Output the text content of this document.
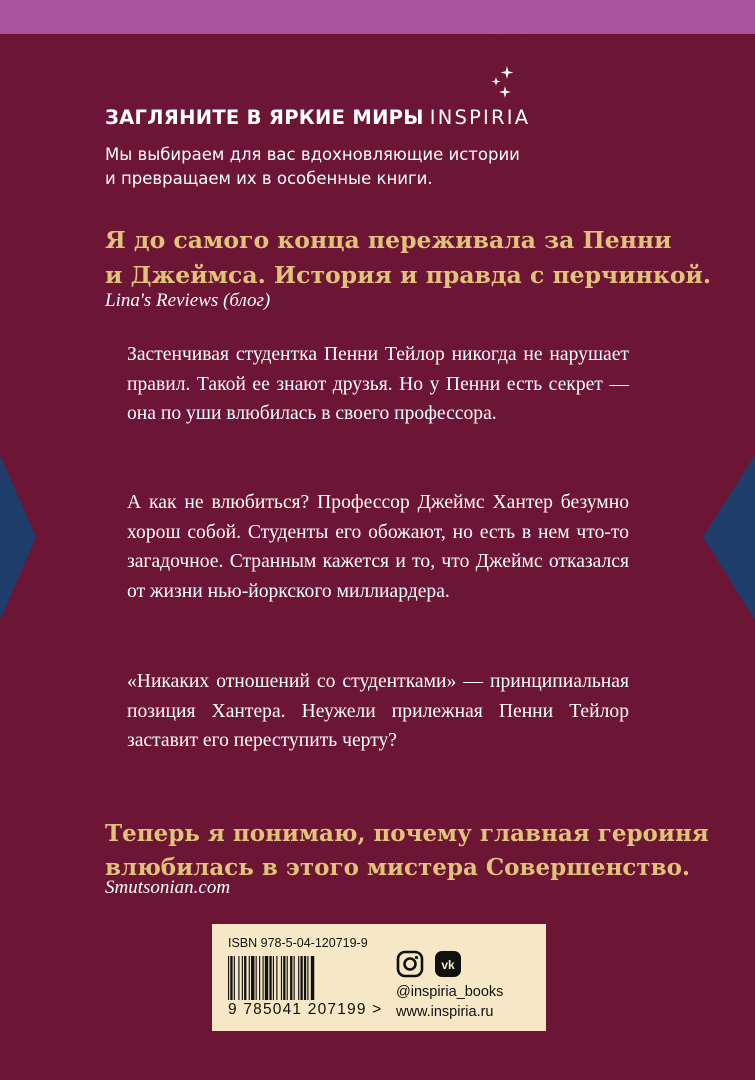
ЗАГЛЯНИТЕ В ЯРКИЕ МИРЫ INSPIRIA
Мы выбираем для вас вдохновляющие истории
и превращаем их в особенные книги.
Я до самого конца переживала за Пенни
и Джеймса. История и правда с перчинкой.
Lina's Reviews (блог)

Застенчивая студентка Пенни Тейлор никогда не нарушает правил. Такой ее знают друзья. Но у Пенни есть секрет — она по уши влюбилась в своего профессора.

А как не влюбиться? Профессор Джеймс Хантер безумно хорош собой. Студенты его обожают, но есть в нем что-то загадочное. Странным кажется и то, что Джеймс отказался от жизни нью-йоркского миллиардера.

«Никаких отношений со студентками» — принципиальная позиция Хантера. Неужели прилежная Пенни Тейлор заставит его переступить черту?

Теперь я понимаю, почему главная героиня
влюбилась в этого мистера Совершенство.
Smutsonian.com
ISBN 978-5-04-120719-9
9 785041 207199 >

vk
@inspiria_books
www.inspiria.ru
